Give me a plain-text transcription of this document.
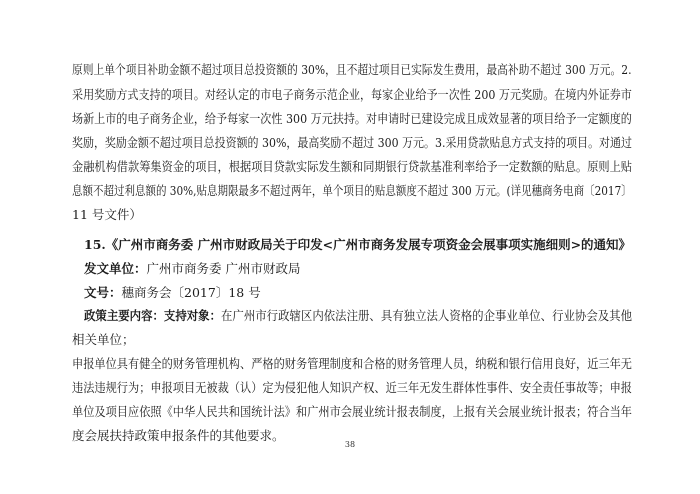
原则上单个项目补助金额不超过项目总投资额的 30%，且不超过项目已实际发生费用，最高补助不超过 300 万元。2.
采用奖励方式支持的项目。对经认定的市电子商务示范企业，每家企业给予一次性 200 万元奖励。在境内外证券市
场新上市的电子商务企业，给予每家一次性 300 万元扶持。对申请时已建设完成且成效显著的项目给予一定额度的
奖励，奖励金额不超过项目总投资额的 30%，最高奖励不超过 300 万元。3.采用贷款贴息方式支持的项目。对通过
金融机构借款筹集资金的项目，根据项目贷款实际发生额和同期银行贷款基准利率给予一定数额的贴息。原则上贴
息额不超过利息额的 30%,贴息期限最多不超过两年，单个项目的贴息额度不超过 300 万元。(详见穗商务电商〔2017〕
11 号文件）
15.《广州市商务委 广州市财政局关于印发<广州市商务发展专项资金会展事项实施细则>的通知》
发文单位：广州市商务委 广州市财政局
文号：穗商务会〔2017〕18 号
政策主要内容：支持对象：在广州市行政辖区内依法注册、具有独立法人资格的企事业单位、行业协会及其他
相关单位；
申报单位具有健全的财务管理机构、严格的财务管理制度和合格的财务管理人员，纳税和银行信用良好，近三年无
违法违规行为；申报项目无被裁（认）定为侵犯他人知识产权、近三年无发生群体性事件、安全责任事故等；申报
单位及项目应依照《中华人民共和国统计法》和广州市会展业统计报表制度，上报有关会展业统计报表；符合当年
度会展扶持政策申报条件的其他要求。
38
